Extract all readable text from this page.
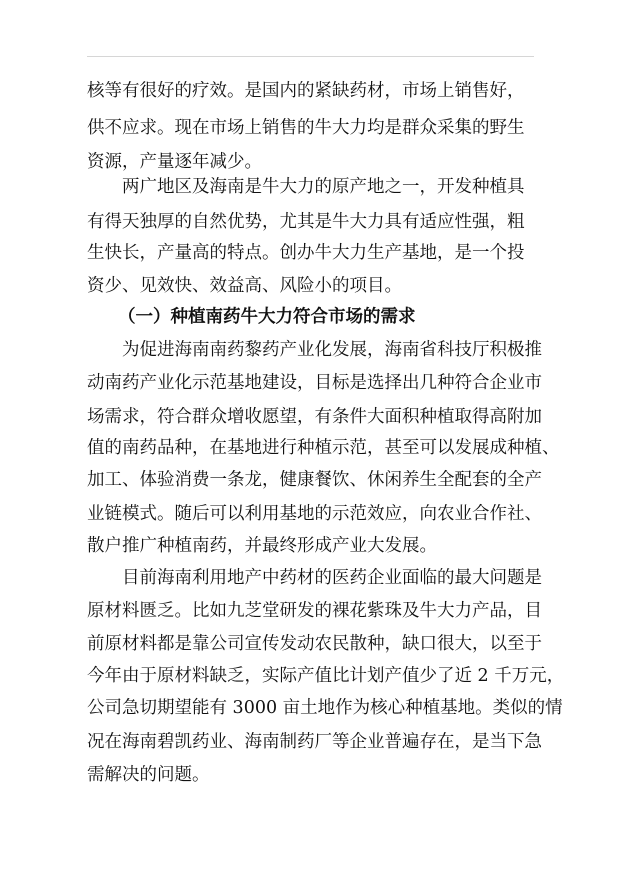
核等有很好的疗效。是国内的紧缺药材，市场上销售好，
供不应求。现在市场上销售的牛大力均是群众采集的野生
资源，产量逐年减少。
两广地区及海南是牛大力的原产地之一，开发种植具
有得天独厚的自然优势，尤其是牛大力具有适应性强，粗
生快长，产量高的特点。创办牛大力生产基地，是一个投
资少、见效快、效益高、风险小的项目。
（一）种植南药牛大力符合市场的需求
为促进海南南药黎药产业化发展，海南省科技厅积极推
动南药产业化示范基地建设，目标是选择出几种符合企业市
场需求，符合群众增收愿望，有条件大面积种植取得高附加
值的南药品种，在基地进行种植示范，甚至可以发展成种植、
加工、体验消费一条龙，健康餐饮、休闲养生全配套的全产
业链模式。随后可以利用基地的示范效应，向农业合作社、
散户推广种植南药，并最终形成产业大发展。
目前海南利用地产中药材的医药企业面临的最大问题是
原材料匮乏。比如九芝堂研发的裸花紫珠及牛大力产品，目
前原材料都是靠公司宣传发动农民散种，缺口很大，以至于
今年由于原材料缺乏，实际产值比计划产值少了近 2 千万元，
公司急切期望能有 3000 亩土地作为核心种植基地。类似的情
况在海南碧凯药业、海南制药厂等企业普遍存在，是当下急
需解决的问题。
